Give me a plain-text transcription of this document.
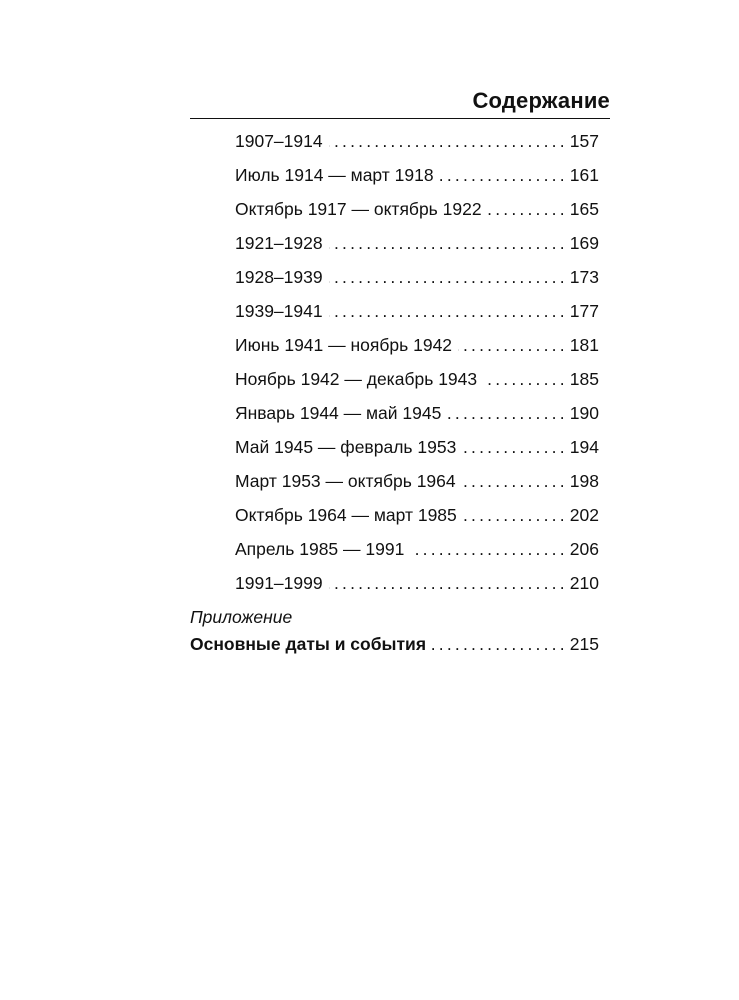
Содержание
1907–1914 .....	157
Июль 1914 — март 1918 .....	161
Октябрь 1917 — октябрь 1922 .....	165
1921–1928 .....	169
1928–1939 .....	173
1939–1941 .....	177
Июнь 1941 — ноябрь 1942 .....	181
Ноябрь 1942 — декабрь 1943 .....	185
Январь 1944 — май 1945 .....	190
Май 1945 — февраль 1953 .....	194
Март 1953 — октябрь 1964 .....	198
Октябрь 1964 — март 1985 .....	202
Апрель 1985 — 1991 .....	206
1991–1999 .....	210
Приложение
Основные даты и события .....	215
